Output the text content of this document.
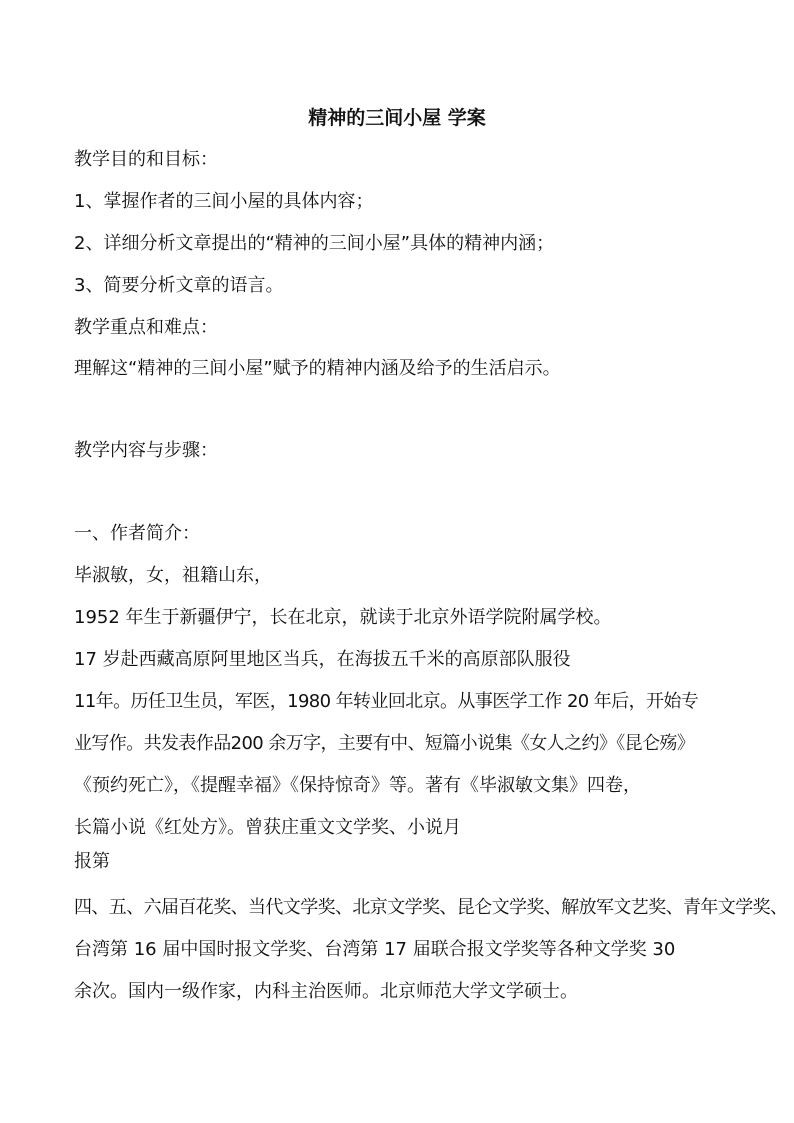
精神的三间小屋 学案
教学目的和目标：
1、掌握作者的三间小屋的具体内容；
2、详细分析文章提出的“精神的三间小屋”具体的精神内涵；
3、简要分析文章的语言。
教学重点和难点：
理解这“精神的三间小屋”赋予的精神内涵及给予的生活启示。
教学内容与步骤：
一、作者简介：
毕淑敏，女，祖籍山东，
1952 年生于新疆伊宁，长在北京，就读于北京外语学院附属学校。
17 岁赴西藏高原阿里地区当兵，在海拔五千米的高原部队服役
11年。历任卫生员，军医，1980 年转业回北京。从事医学工作 20 年后，开始专
业写作。共发表作品200 余万字，主要有中、短篇小说集《女人之约》《昆仑殇》
《预约死亡》，《提醒幸福》《保持惊奇》等。著有《毕淑敏文集》四卷，
长篇小说《红处方》。曾获庄重文文学奖、小说月
报第
四、五、六届百花奖、当代文学奖、北京文学奖、昆仑文学奖、解放军文艺奖、青年文学奖、
台湾第 16 届中国时报文学奖、台湾第 17 届联合报文学奖等各种文学奖 30
余次。国内一级作家，内科主治医师。北京师范大学文学硕士。
